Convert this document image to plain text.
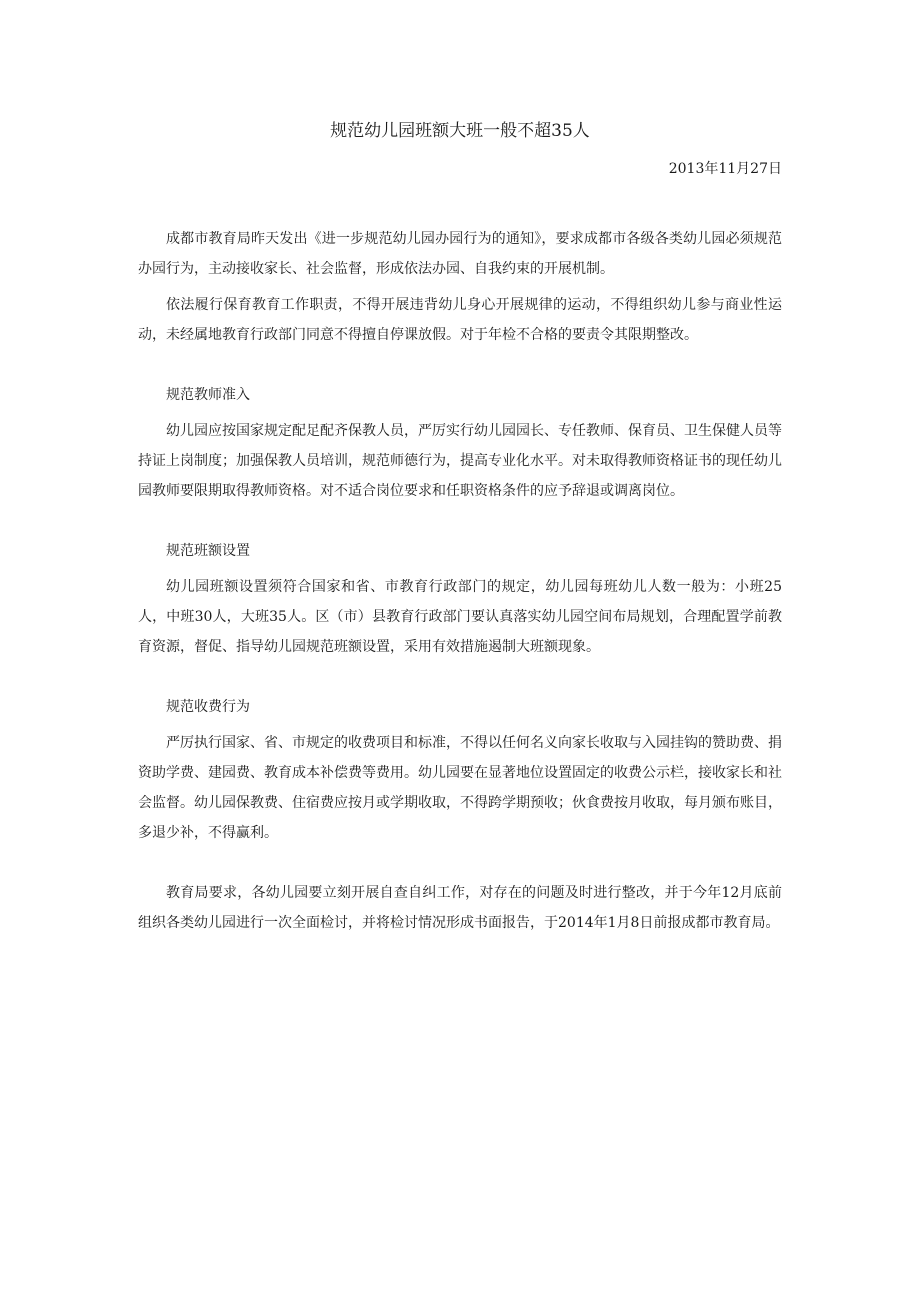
规范幼儿园班额大班一般不超35人
2013年11月27日

成都市教育局昨天发出《进一步规范幼儿园办园行为的通知》，要求成都市各级各类幼儿园必须规范办园行为，主动接收家长、社会监督，形成依法办园、自我约束的开展机制。

依法履行保育教育工作职责，不得开展违背幼儿身心开展规律的运动，不得组织幼儿参与商业性运动，未经属地教育行政部门同意不得擅自停课放假。对于年检不合格的要责令其限期整改。

规范教师准入

幼儿园应按国家规定配足配齐保教人员，严厉实行幼儿园园长、专任教师、保育员、卫生保健人员等持证上岗制度；加强保教人员培训，规范师德行为，提高专业化水平。对未取得教师资格证书的现任幼儿园教师要限期取得教师资格。对不适合岗位要求和任职资格条件的应予辞退或调离岗位。

规范班额设置

幼儿园班额设置须符合国家和省、市教育行政部门的规定，幼儿园每班幼儿人数一般为：小班25人，中班30人，大班35人。区（市）县教育行政部门要认真落实幼儿园空间布局规划，合理配置学前教育资源，督促、指导幼儿园规范班额设置，采用有效措施遏制大班额现象。

规范收费行为

严厉执行国家、省、市规定的收费项目和标准，不得以任何名义向家长收取与入园挂钩的赞助费、捐资助学费、建园费、教育成本补偿费等费用。幼儿园要在显著地位设置固定的收费公示栏，接收家长和社会监督。幼儿园保教费、住宿费应按月或学期收取，不得跨学期预收；伙食费按月收取，每月颁布账目，多退少补，不得赢利。

教育局要求，各幼儿园要立刻开展自查自纠工作，对存在的问题及时进行整改，并于今年12月底前组织各类幼儿园进行一次全面检讨，并将检讨情况形成书面报告，于2014年1月8日前报成都市教育局。
